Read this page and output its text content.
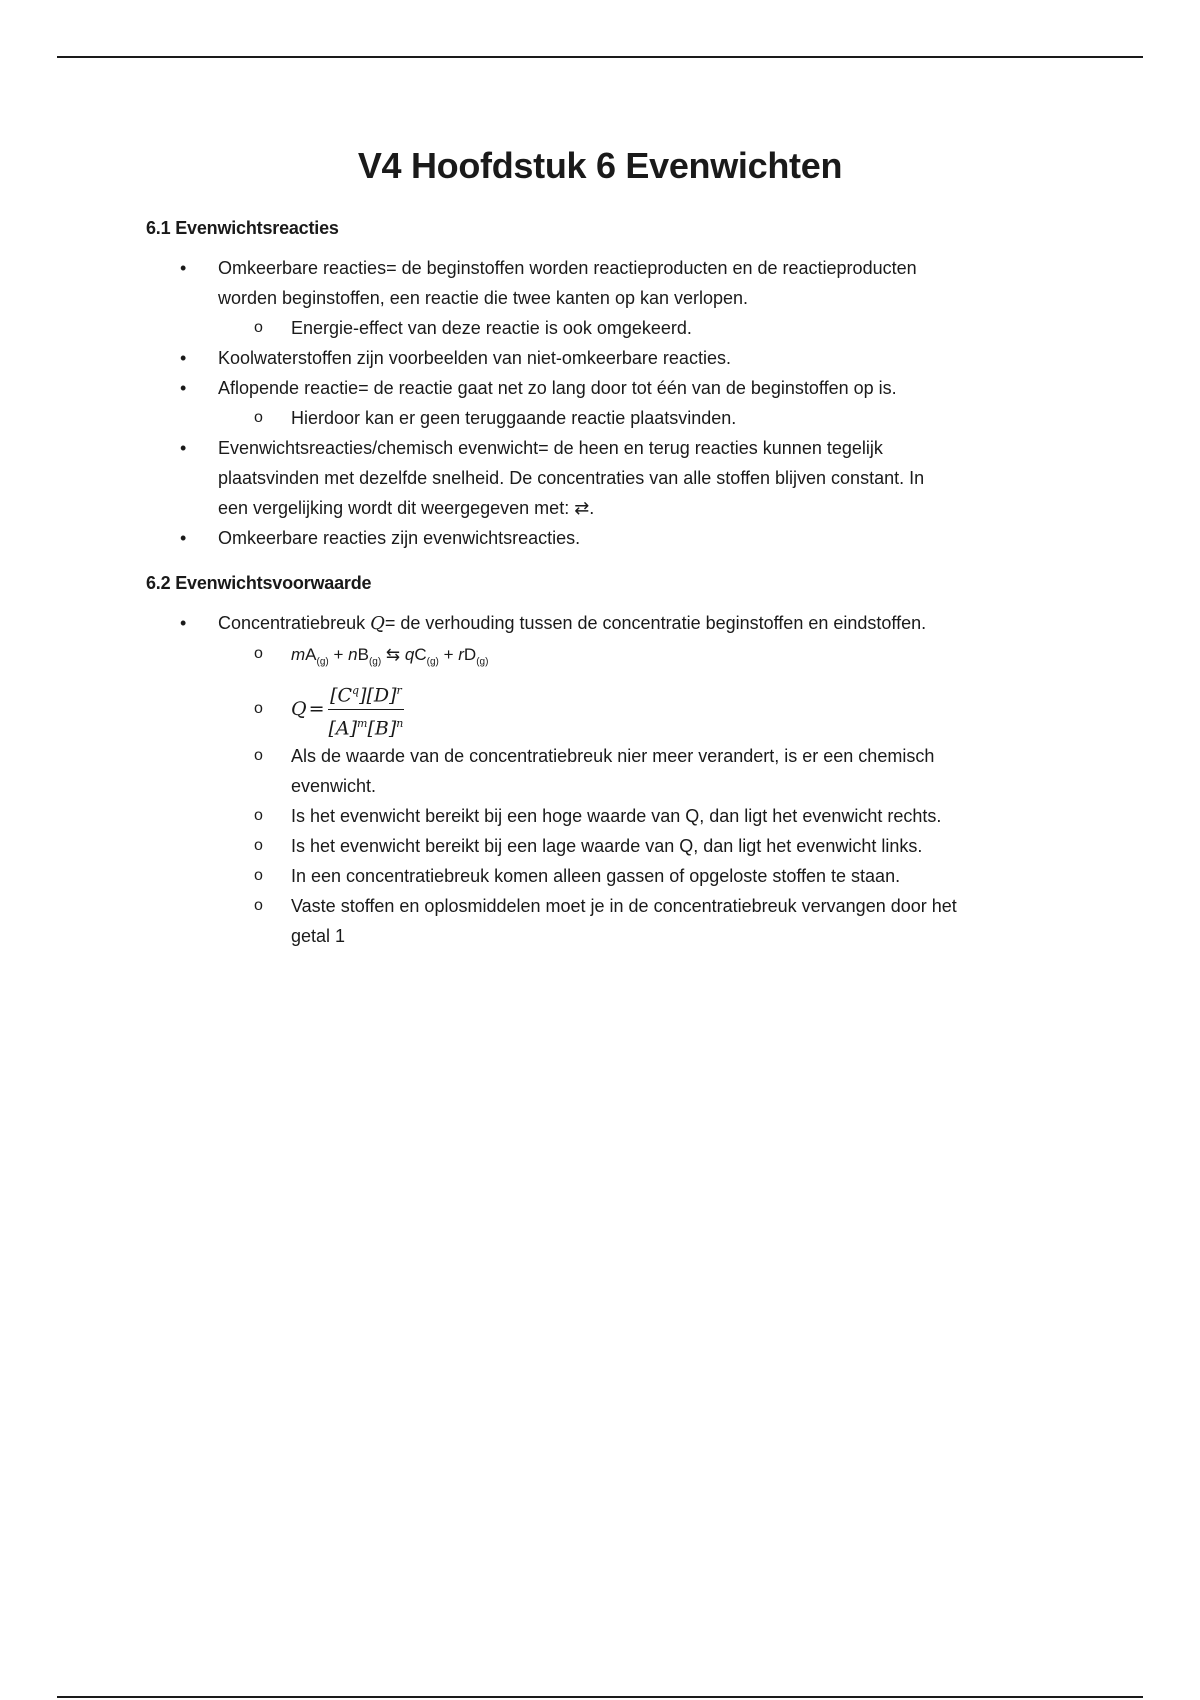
V4 Hoofdstuk 6 Evenwichten
6.1 Evenwichtsreacties
• Omkeerbare reacties= de beginstoffen worden reactieproducten en de reactieproducten
worden beginstoffen, een reactie die twee kanten op kan verlopen.
o Energie-effect van deze reactie is ook omgekeerd.
• Koolwaterstoffen zijn voorbeelden van niet-omkeerbare reacties.
• Aflopende reactie= de reactie gaat net zo lang door tot één van de beginstoffen op is.
o Hierdoor kan er geen teruggaande reactie plaatsvinden.
• Evenwichtsreacties/chemisch evenwicht= de heen en terug reacties kunnen tegelijk
plaatsvinden met dezelfde snelheid. De concentraties van alle stoffen blijven constant. In
een vergelijking wordt dit weergegeven met: ⇄.
• Omkeerbare reacties zijn evenwichtsreacties.
6.2 Evenwichtsvoorwaarde
• Concentratiebreuk Q= de verhouding tussen de concentratie beginstoffen en eindstoffen.
o $mA_{(g)} + nB_{(g)}$ ⇆ $qC_{(g)} + rD_{(g)}$
o $Q = \frac{[C^q][D]^r}{[A]^m[B]^n}$
o Als de waarde van de concentratiebreuk nier meer verandert, is er een chemisch
evenwicht.
o Is het evenwicht bereikt bij een hoge waarde van Q, dan ligt het evenwicht rechts.
o Is het evenwicht bereikt bij een lage waarde van Q, dan ligt het evenwicht links.
o In een concentratiebreuk komen alleen gassen of opgeloste stoffen te staan.
o Vaste stoffen en oplosmiddelen moet je in de concentratiebreuk vervangen door het
getal 1
